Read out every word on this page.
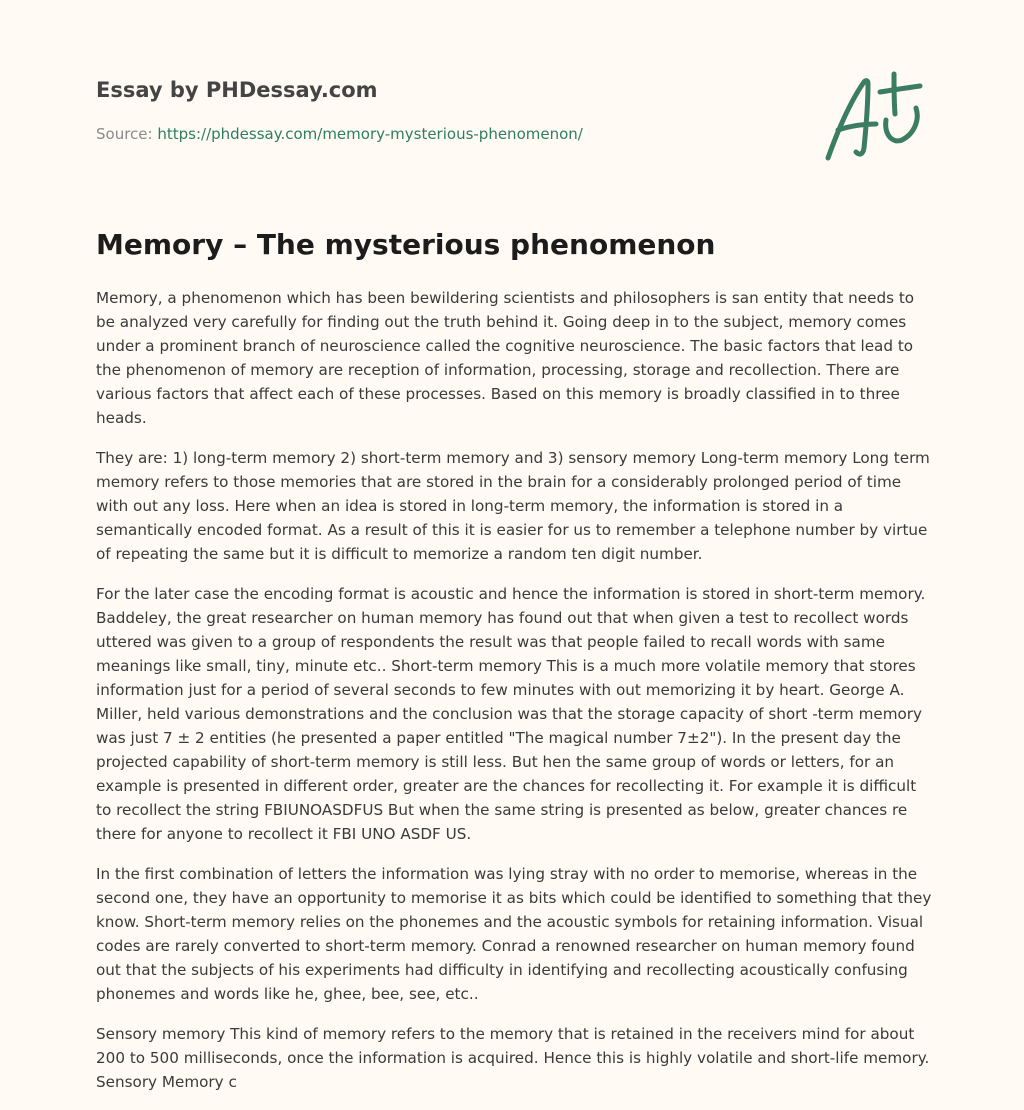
Essay by PHDessay.com
Source: https://phdessay.com/memory-mysterious-phenomenon/
Memory – The mysterious phenomenon

Memory, a phenomenon which has been bewildering scientists and philosophers is san entity that needs to be analyzed very carefully for finding out the truth behind it. Going deep in to the subject, memory comes under a prominent branch of neuroscience called the cognitive neuroscience. The basic factors that lead to the phenomenon of memory are reception of information, processing, storage and recollection. There are various factors that affect each of these processes. Based on this memory is broadly classified in to three heads.

They are: 1) long-term memory 2) short-term memory and 3) sensory memory Long-term memory Long term memory refers to those memories that are stored in the brain for a considerably prolonged period of time with out any loss. Here when an idea is stored in long-term memory, the information is stored in a semantically encoded format. As a result of this it is easier for us to remember a telephone number by virtue of repeating the same but it is difficult to memorize a random ten digit number.

For the later case the encoding format is acoustic and hence the information is stored in short-term memory. Baddeley, the great researcher on human memory has found out that when given a test to recollect words uttered was given to a group of respondents the result was that people failed to recall words with same meanings like small, tiny, minute etc.. Short-term memory This is a much more volatile memory that stores information just for a period of several seconds to few minutes with out memorizing it by heart. George A. Miller, held various demonstrations and the conclusion was that the storage capacity of short -term memory was just 7 ± 2 entities (he presented a paper entitled "The magical number 7±2"). In the present day the projected capability of short-term memory is still less. But hen the same group of words or letters, for an example is presented in different order, greater are the chances for recollecting it. For example it is difficult to recollect the string FBIUNOASDFUS But when the same string is presented as below, greater chances re there for anyone to recollect it FBI UNO ASDF US.

In the first combination of letters the information was lying stray with no order to memorise, whereas in the second one, they have an opportunity to memorise it as bits which could be identified to something that they know. Short-term memory relies on the phonemes and the acoustic symbols for retaining information. Visual codes are rarely converted to short-term memory. Conrad a renowned researcher on human memory found out that the subjects of his experiments had difficulty in identifying and recollecting acoustically confusing phonemes and words like he, ghee, bee, see, etc..

Sensory memory This kind of memory refers to the memory that is retained in the receivers mind for about 200 to 500 milliseconds, once the information is acquired. Hence this is highly volatile and short-life memory. Sensory Memory c
